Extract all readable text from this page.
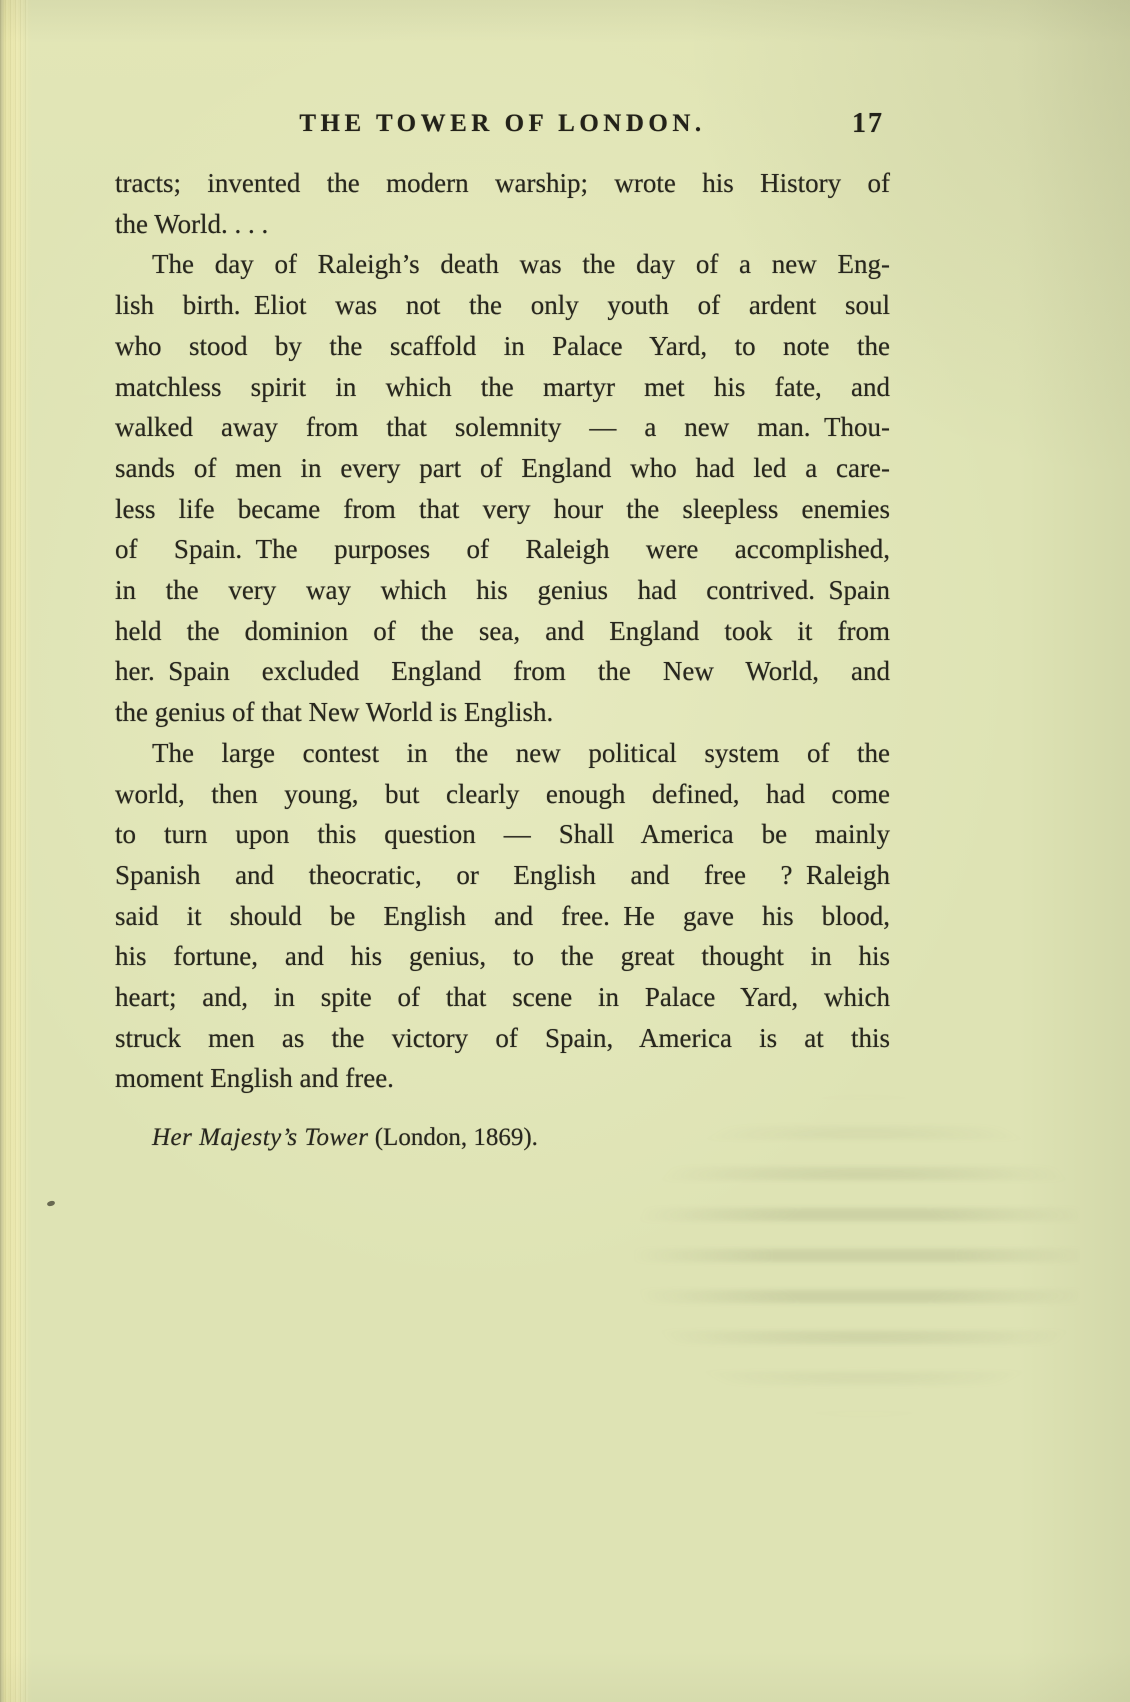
THE TOWER OF LONDON.	17
tracts; invented the modern warship; wrote his History of
the World. . . .
The day of Raleigh’s death was the day of a new Eng-
lish birth. Eliot was not the only youth of ardent soul
who stood by the scaffold in Palace Yard, to note the
matchless spirit in which the martyr met his fate, and
walked away from that solemnity — a new man. Thou-
sands of men in every part of England who had led a care-
less life became from that very hour the sleepless enemies
of Spain. The purposes of Raleigh were accomplished,
in the very way which his genius had contrived. Spain
held the dominion of the sea, and England took it from
her. Spain excluded England from the New World, and
the genius of that New World is English.
The large contest in the new political system of the
world, then young, but clearly enough defined, had come
to turn upon this question — Shall America be mainly
Spanish and theocratic, or English and free ? Raleigh
said it should be English and free. He gave his blood,
his fortune, and his genius, to the great thought in his
heart; and, in spite of that scene in Palace Yard, which
struck men as the victory of Spain, America is at this
moment English and free.
Her Majesty’s Tower (London, 1869).
